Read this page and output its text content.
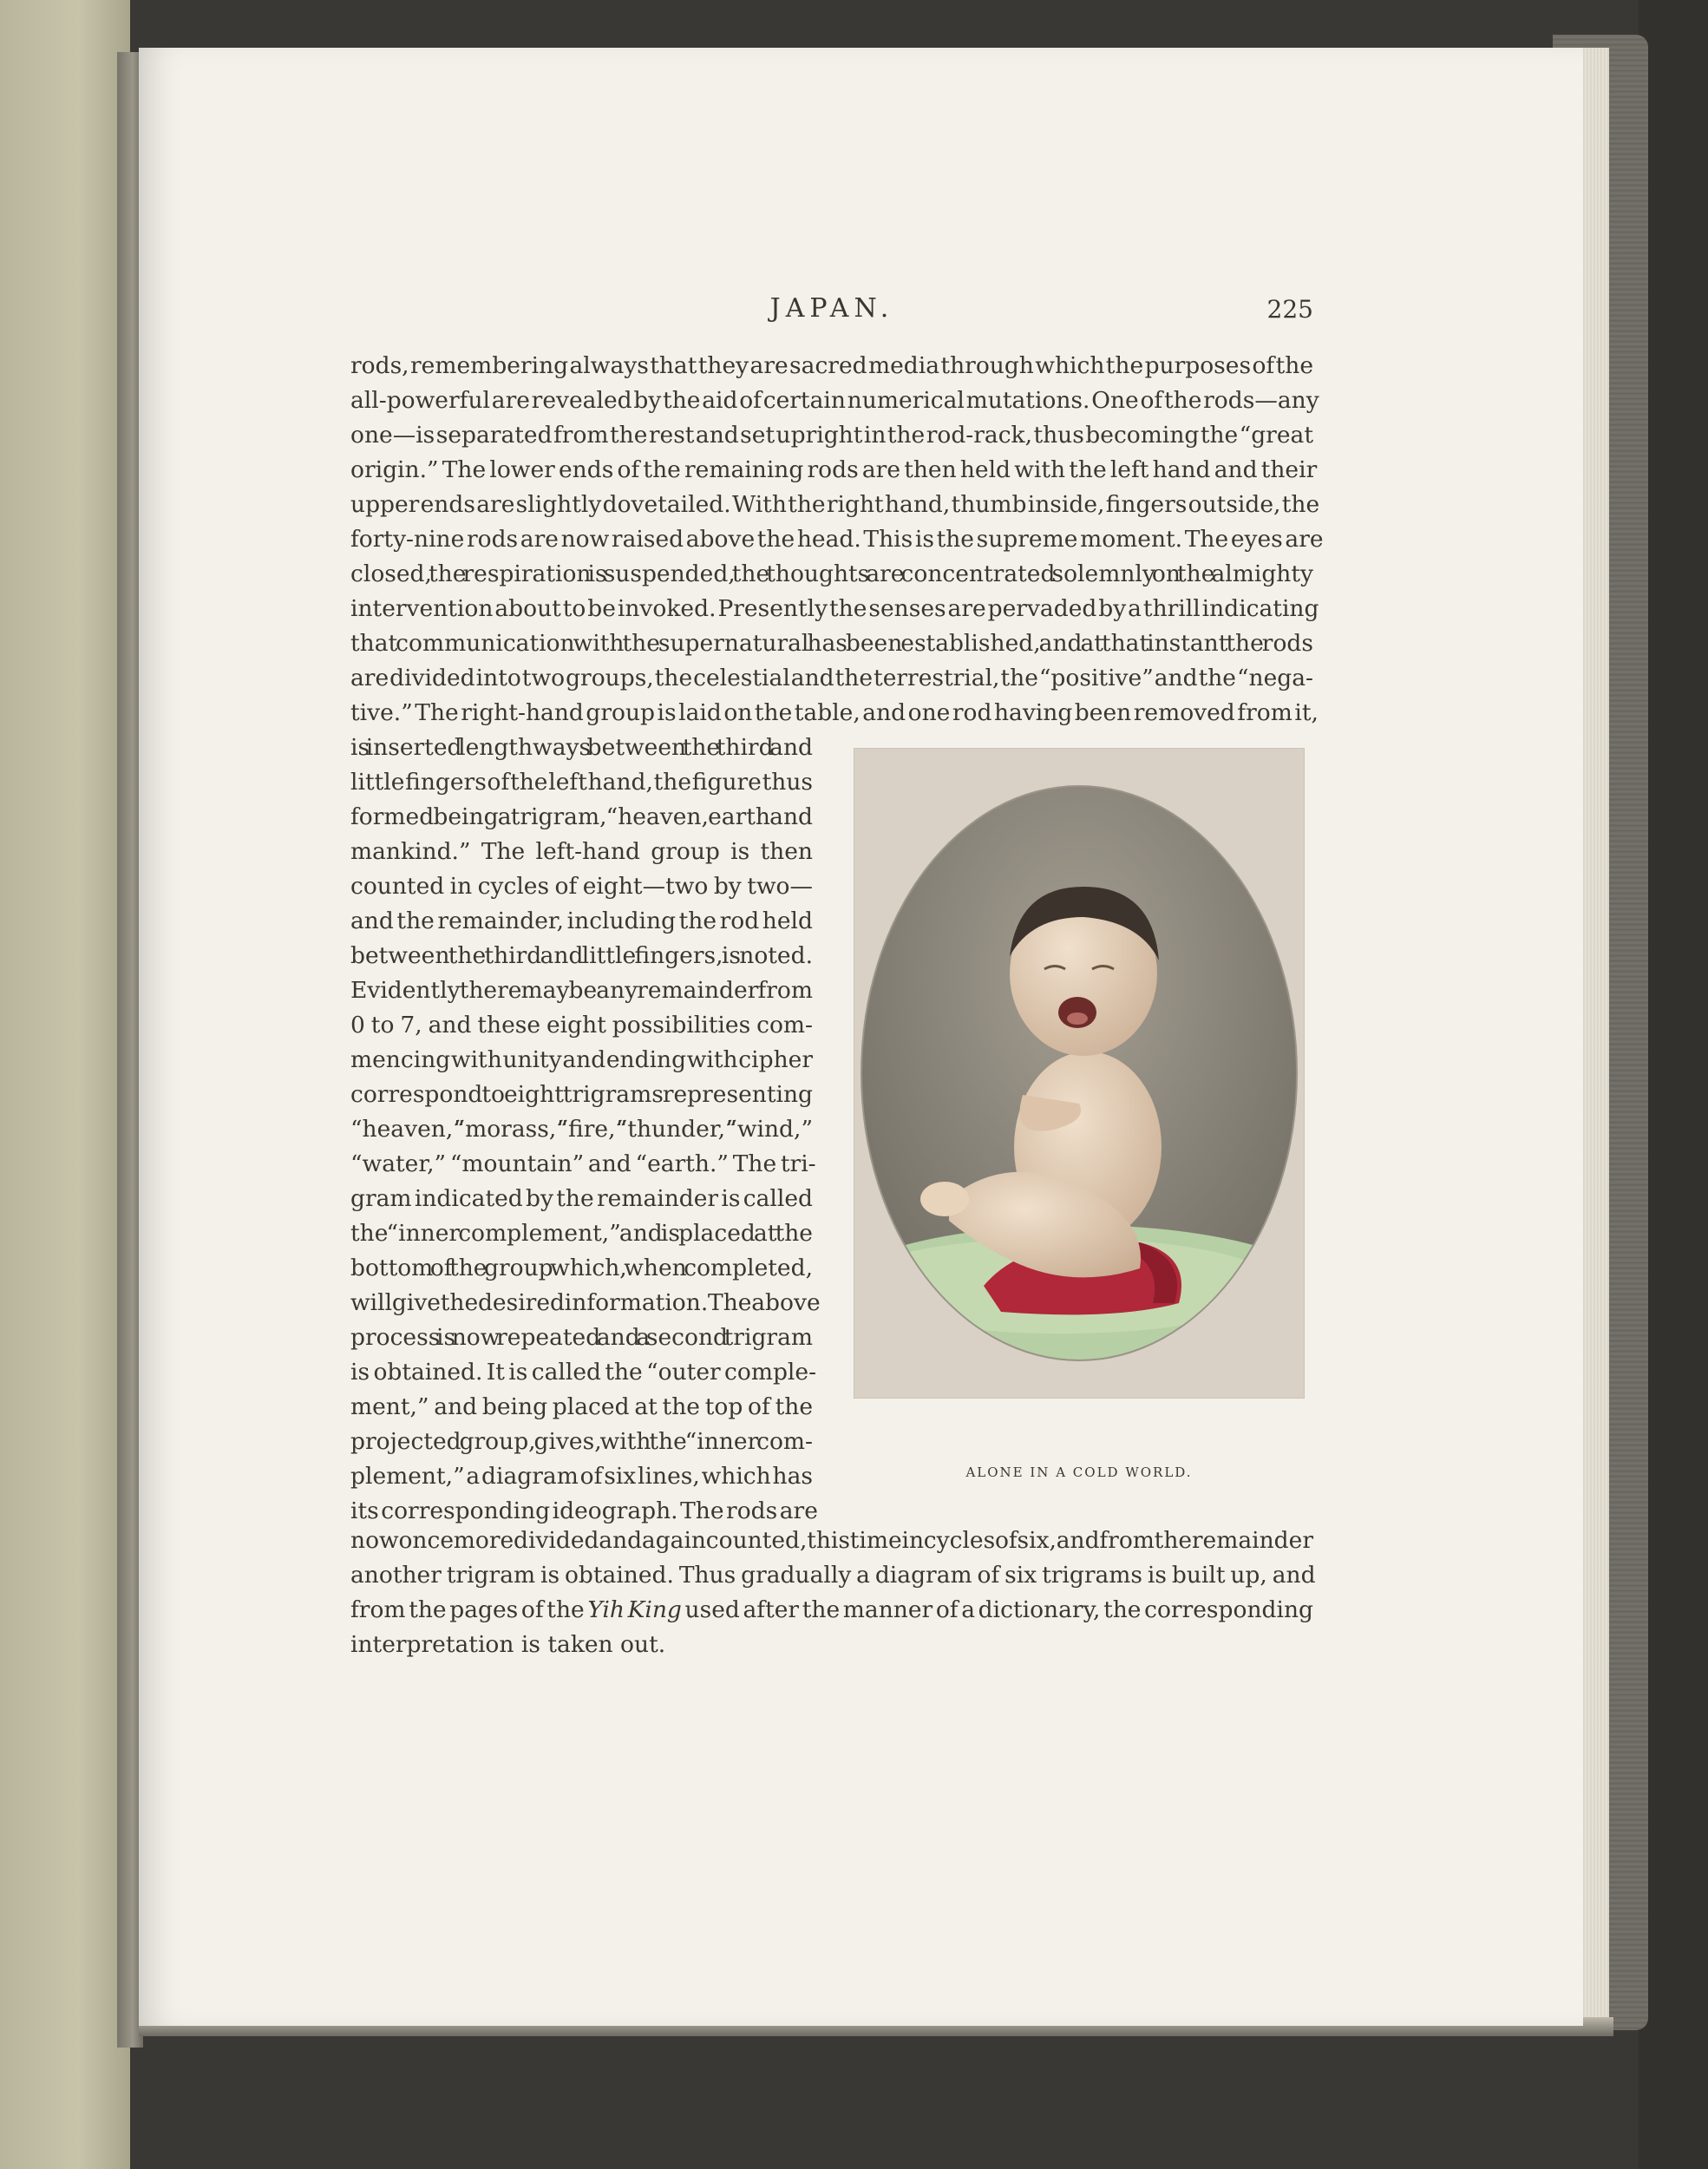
JAPAN.	225
rods, remembering always that they are sacred media through which the purposes of the
all-powerful are revealed by the aid of certain numerical mutations. One of the rods—any
one—is separated from the rest and set upright in the rod-rack, thus becoming the “great
origin.” The lower ends of the remaining rods are then held with the left hand and their
upper ends are slightly dovetailed. With the right hand, thumb inside, fingers outside, the
forty-nine rods are now raised above the head. This is the supreme moment. The eyes are
closed, the respiration is suspended, the thoughts are concentrated solemnly on the almighty
intervention about to be invoked. Presently the senses are pervaded by a thrill indicating
that communication with the supernatural has been established, and at that instant the rods
are divided into two groups, the celestial and the terrestrial, the “positive” and the “nega-
tive.” The right-hand group is laid on the table, and one rod having been removed from it,
is inserted lengthways between the third and
little fingers of the left hand, the figure thus
formed being a trigram, “heaven, earth and
mankind.” The left-hand group is then
counted in cycles of eight—two by two—
and the remainder, including the rod held
between the third and little fingers, is noted.
Evidently there may be any remainder from
0 to 7, and these eight possibilities com-
mencing with unity and ending with cipher
correspond to eight trigrams representing
“heaven,” “morass,” “fire,” “thunder,” “wind,”
“water,” “mountain” and “earth.” The tri-
gram indicated by the remainder is called
the “inner complement,” and is placed at the
bottom of the group which, when completed,
will give the desired information. The above
process is now repeated and a second trigram
is obtained. It is called the “outer comple-
ment,” and being placed at the top of the
projected group, gives, with the “inner com-
plement,” a diagram of six lines, which has
its corresponding ideograph. The rods are
ALONE IN A COLD WORLD.
now once more divided and again counted, this time in cycles of six, and from the remainder
another trigram is obtained. Thus gradually a diagram of six trigrams is built up, and
from the pages of the Yih King used after the manner of a dictionary, the corresponding
interpretation is taken out.
